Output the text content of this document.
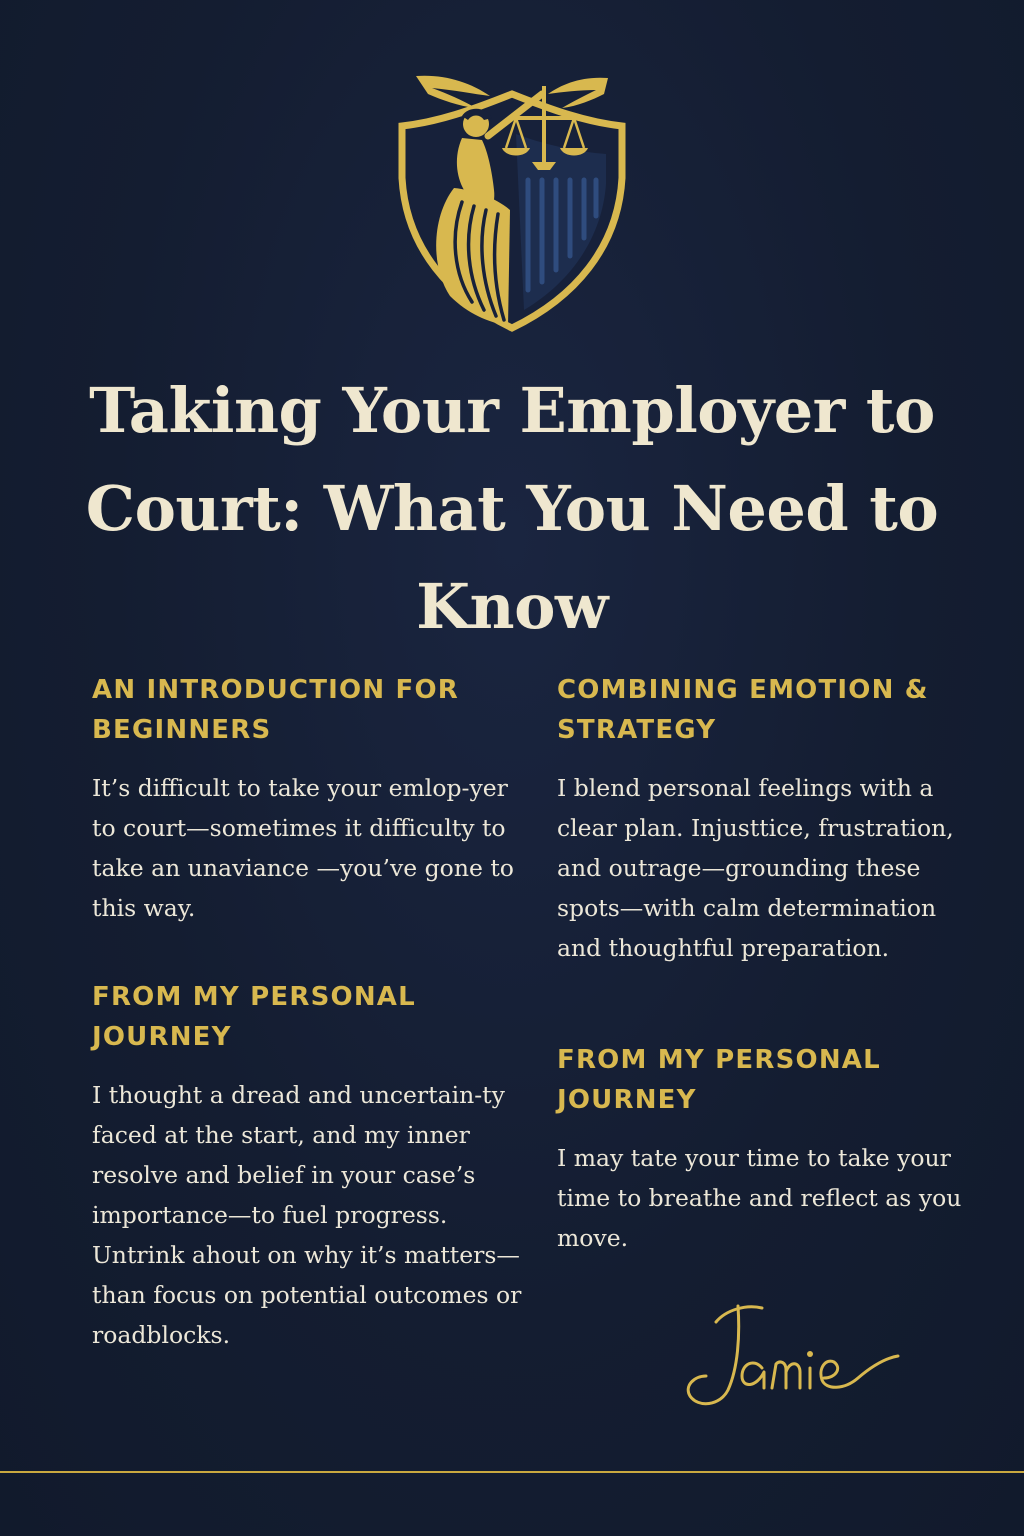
Taking Your Employer to Court: What You Need to Know
AN INTRODUCTION FOR BEGINNERS

It’s difficult to take your emlop-yer to court—sometimes it difficulty to take an unaviance —you’ve gone to this way.

FROM MY PERSONAL JOURNEY

I thought a dread and uncertain-ty faced at the start, and my inner resolve and belief in your case’s importance—to fuel progress. Untrink ahout on why it’s matters—than focus on potential outcomes or roadblocks.

COMBINING EMOTION & STRATEGY

I blend personal feelings with a clear plan. Injusttice, frustration, and outrage—grounding these spots—with calm determination and thoughtful preparation.

FROM MY PERSONAL JOURNEY

I may tate your time to take your time to breathe and reflect as you move.
